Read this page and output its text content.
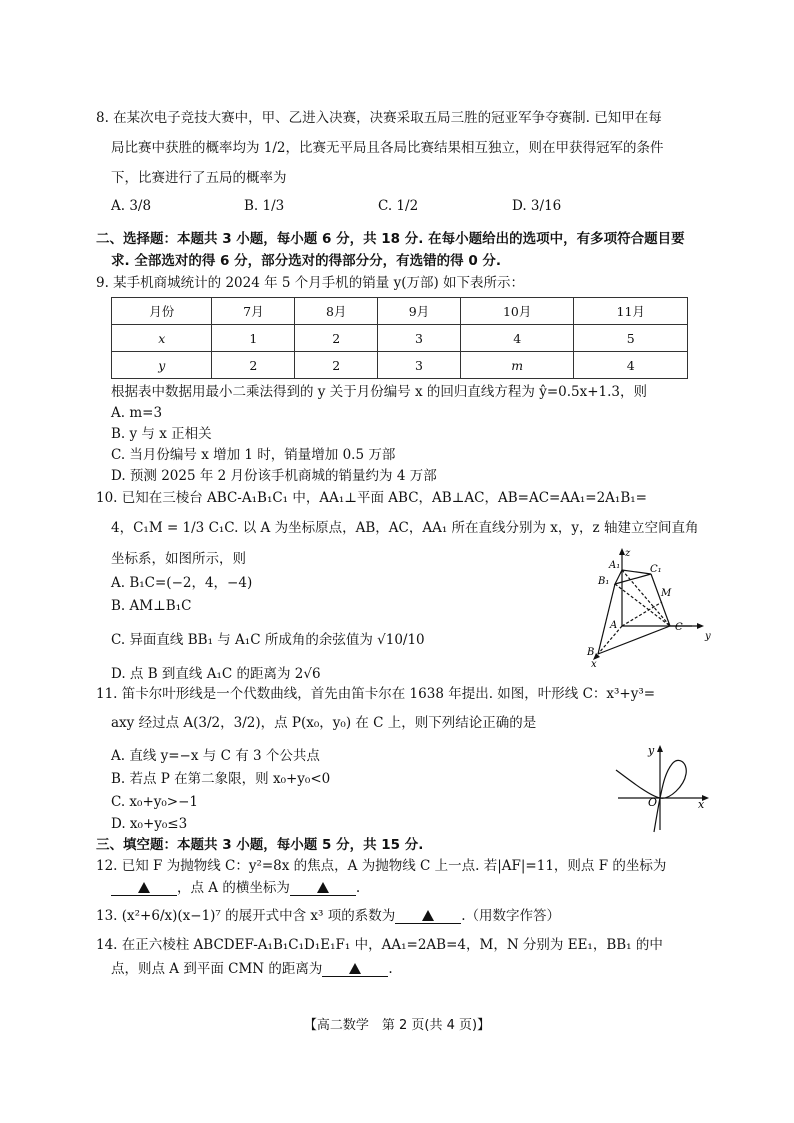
8. 在某次电子竞技大赛中，甲、乙进入决赛，决赛采取五局三胜的冠亚军争夺赛制. 已知甲在每
局比赛中获胜的概率均为 1/2，比赛无平局且各局比赛结果相互独立，则在甲获得冠军的条件
下，比赛进行了五局的概率为
A. 3/8	B. 1/3	C. 1/2	D. 3/16
二、选择题：本题共 3 小题，每小题 6 分，共 18 分. 在每小题给出的选项中，有多项符合题目要
求. 全部选对的得 6 分，部分选对的得部分分，有选错的得 0 分.
9. 某手机商城统计的 2024 年 5 个月手机的销量 y(万部) 如下表所示：
月份	7月	8月	9月	10月	11月
x	1	2	3	4	5
y	2	2	3	m	4
根据表中数据用最小二乘法得到的 y 关于月份编号 x 的回归直线方程为 ŷ=0.5x+1.3，则
A. m=3
B. y 与 x 正相关
C. 当月份编号 x 增加 1 时，销量增加 0.5 万部
D. 预测 2025 年 2 月份该手机商城的销量约为 4 万部
10. 已知在三棱台 ABC-A₁B₁C₁ 中，AA₁⊥平面 ABC，AB⊥AC，AB=AC=AA₁=2A₁B₁=
4，C₁M = 1/3 C₁C. 以 A 为坐标原点，AB，AC，AA₁ 所在直线分别为 x，y，z 轴建立空间直角
坐标系，如图所示，则
A. B₁C=(−2，4，−4)
B. AM⊥B₁C
C. 异面直线 BB₁ 与 A₁C 所成角的余弦值为 √10/10
D. 点 B 到直线 A₁C 的距离为 2√6
z
A₁	C₁
B₁
M
A	C
y
B
x
11. 笛卡尔叶形线是一个代数曲线，首先由笛卡尔在 1638 年提出. 如图，叶形线 C：x³+y³=
axy 经过点 A(3/2，3/2)，点 P(x₀，y₀) 在 C 上，则下列结论正确的是
A. 直线 y=−x 与 C 有 3 个公共点
B. 若点 P 在第二象限，则 x₀+y₀<0
C. x₀+y₀>−1
D. x₀+y₀≤3
y
O	x
三、填空题：本题共 3 小题，每小题 5 分，共 15 分.
12. 已知 F 为抛物线 C：y²=8x 的焦点，A 为抛物线 C 上一点. 若|AF|=11，则点 F 的坐标为
，点 A 的横坐标为	.
13. (x²+6/x)(x−1)⁷ 的展开式中含 x³ 项的系数为	.（用数字作答）
14. 在正六棱柱 ABCDEF-A₁B₁C₁D₁E₁F₁ 中，AA₁=2AB=4，M，N 分别为 EE₁，BB₁ 的中
点，则点 A 到平面 CMN 的距离为	.
【高二数学　第 2 页(共 4 页)】
